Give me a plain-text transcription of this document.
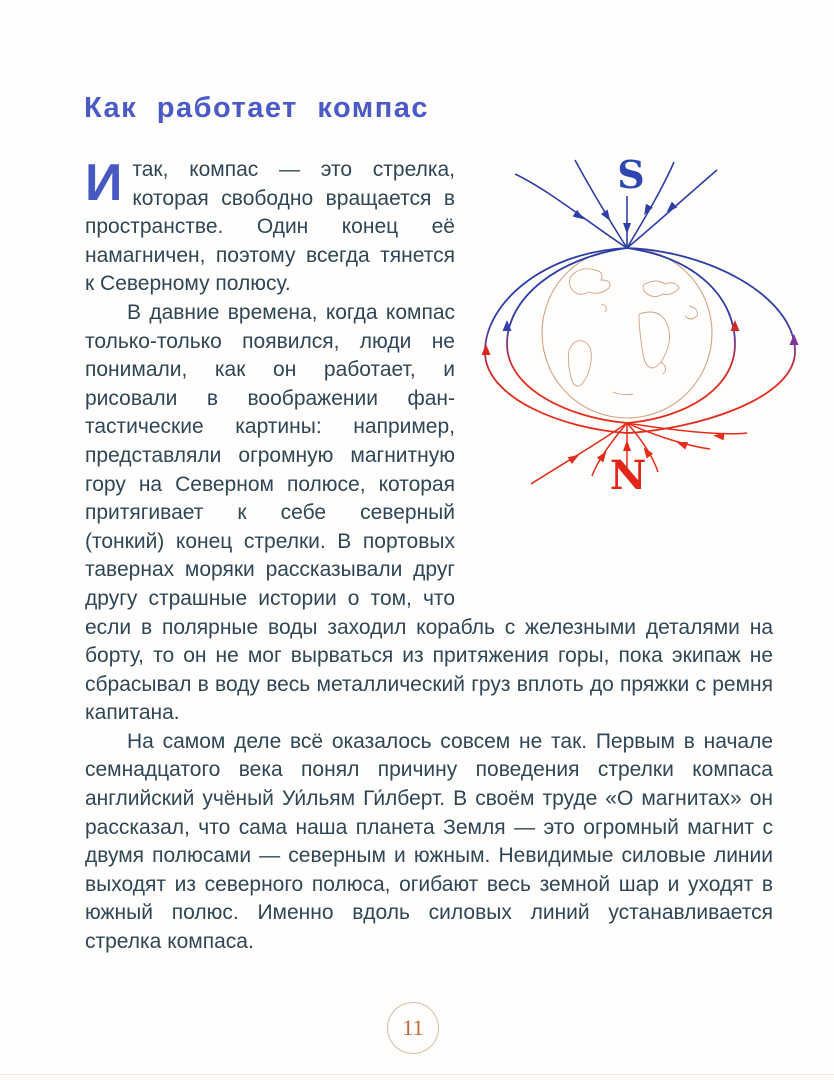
Как работает компас

Итак, компас — это стрелка, которая свободно вращается в пространстве. Один конец её намагничен, поэтому всегда тянется к Северному полюсу.

В давние времена, когда компас только-только появился, люди не понимали, как он работает, и рисовали в воображении фантастические картины: например, представляли огромную магнитную гору на Северном полюсе, которая притягивает к себе северный (тонкий) конец стрелки. В портовых тавернах моряки рассказывали друг другу страшные истории о том, что если в полярные воды заходил корабль с железными деталями на борту, то он не мог вырваться из притяжения горы, пока экипаж не сбрасывал в воду весь металлический груз вплоть до пряжки с ремня капитана.

На самом деле всё оказалось совсем не так. Первым в начале семнадцатого века понял причину поведения стрелки компаса английский учёный Уи́льям Ги́лберт. В своём труде «О магнитах» он рассказал, что сама наша планета Земля — это огромный магнит с двумя полюсами — северным и южным. Невидимые силовые линии выходят из северного полюса, огибают весь земной шар и уходят в южный полюс. Именно вдоль силовых линий устанавливается стрелка компаса.

S
N
11
